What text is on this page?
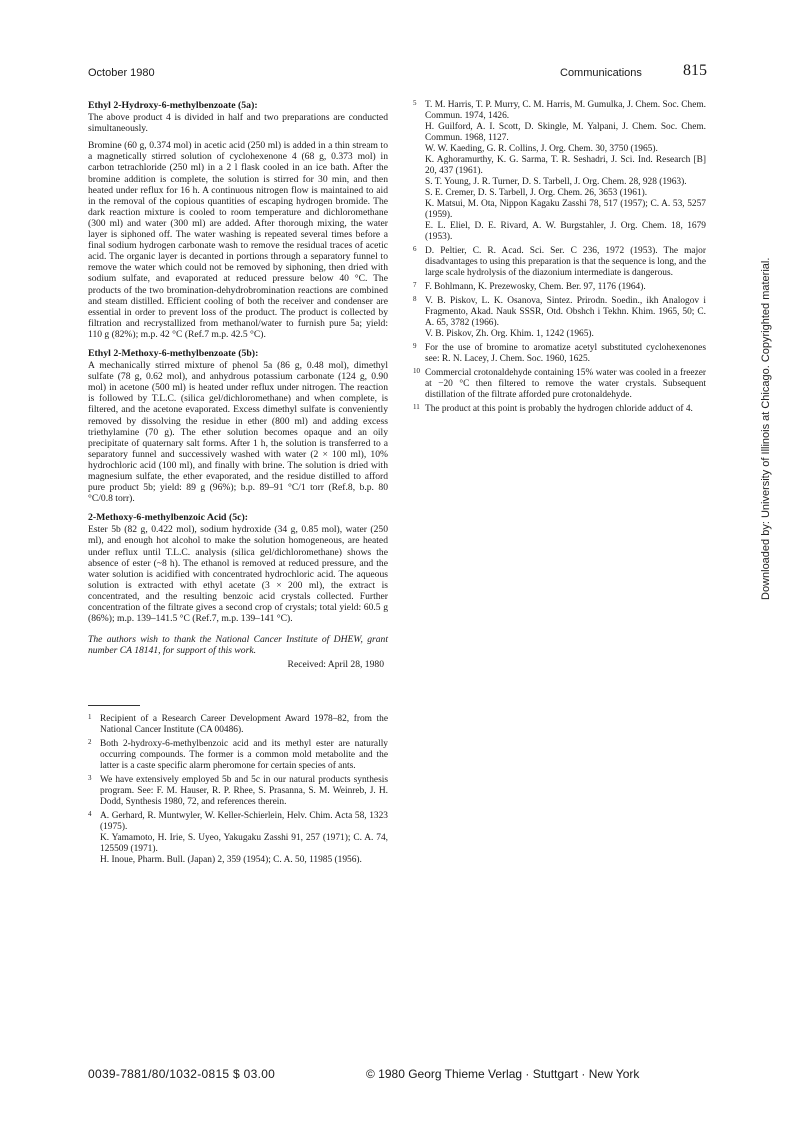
October 1980	Communications	815
Ethyl 2-Hydroxy-6-methylbenzoate (5a):

The above product 4 is divided in half and two preparations are conducted simultaneously.

Bromine (60 g, 0.374 mol) in acetic acid (250 ml) is added in a thin stream to a magnetically stirred solution of cyclohexenone 4 (68 g, 0.373 mol) in carbon tetrachloride (250 ml) in a 2 l flask cooled in an ice bath. After the bromine addition is complete, the solution is stirred for 30 min, and then heated under reflux for 16 h. A continuous nitrogen flow is maintained to aid in the removal of the copious quantities of escaping hydrogen bromide. The dark reaction mixture is cooled to room temperature and dichloromethane (300 ml) and water (300 ml) are added. After thorough mixing, the water layer is siphoned off. The water washing is repeated several times before a final sodium hydrogen carbonate wash to remove the residual traces of acetic acid. The organic layer is decanted in portions through a separatory funnel to remove the water which could not be removed by siphoning, then dried with sodium sulfate, and evaporated at reduced pressure below 40 °C. The products of the two bromination-dehydrobromination reactions are combined and steam distilled. Efficient cooling of both the receiver and condenser are essential in order to prevent loss of the product. The product is collected by filtration and recrystallized from methanol/water to furnish pure 5a; yield: 110 g (82%); m.p. 42 °C (Ref.7 m.p. 42.5 °C).

Ethyl 2-Methoxy-6-methylbenzoate (5b):

A mechanically stirred mixture of phenol 5a (86 g, 0.48 mol), dimethyl sulfate (78 g, 0.62 mol), and anhydrous potassium carbonate (124 g, 0.90 mol) in acetone (500 ml) is heated under reflux under nitrogen. The reaction is followed by T.L.C. (silica gel/dichloromethane) and when complete, is filtered, and the acetone evaporated. Excess dimethyl sulfate is conveniently removed by dissolving the residue in ether (800 ml) and adding excess triethylamine (70 g). The ether solution becomes opaque and an oily precipitate of quaternary salt forms. After 1 h, the solution is transferred to a separatory funnel and successively washed with water (2 × 100 ml), 10% hydrochloric acid (100 ml), and finally with brine. The solution is dried with magnesium sulfate, the ether evaporated, and the residue distilled to afford pure product 5b; yield: 89 g (96%); b.p. 89–91 °C/1 torr (Ref.8, b.p. 80 °C/0.8 torr).

2-Methoxy-6-methylbenzoic Acid (5c):

Ester 5b (82 g, 0.422 mol), sodium hydroxide (34 g, 0.85 mol), water (250 ml), and enough hot alcohol to make the solution homogeneous, are heated under reflux until T.L.C. analysis (silica gel/dichloromethane) shows the absence of ester (~8 h). The ethanol is removed at reduced pressure, and the water solution is acidified with concentrated hydrochloric acid. The aqueous solution is extracted with ethyl acetate (3 × 200 ml), the extract is concentrated, and the resulting benzoic acid crystals collected. Further concentration of the filtrate gives a second crop of crystals; total yield: 60.5 g (86%); m.p. 139–141.5 °C (Ref.7, m.p. 139–141 °C).

The authors wish to thank the National Cancer Institute of DHEW, grant number CA 18141, for support of this work.
Received: April 28, 1980
1 Recipient of a Research Career Development Award 1978–82, from the National Cancer Institute (CA 00486).
2 Both 2-hydroxy-6-methylbenzoic acid and its methyl ester are naturally occurring compounds. The former is a common mold metabolite and the latter is a caste specific alarm pheromone for certain species of ants.
3 We have extensively employed 5b and 5c in our natural products synthesis program. See: F. M. Hauser, R. P. Rhee, S. Prasanna, S. M. Weinreb, J. H. Dodd, Synthesis 1980, 72, and references therein.
4 A. Gerhard, R. Muntwyler, W. Keller-Schierlein, Helv. Chim. Acta 58, 1323 (1975).
K. Yamamoto, H. Irie, S. Uyeo, Yakugaku Zasshi 91, 257 (1971); C. A. 74, 125509 (1971).
H. Inoue, Pharm. Bull. (Japan) 2, 359 (1954); C. A. 50, 11985 (1956).
5 T. M. Harris, T. P. Murry, C. M. Harris, M. Gumulka, J. Chem. Soc. Chem. Commun. 1974, 1426.
H. Guilford, A. I. Scott, D. Skingle, M. Yalpani, J. Chem. Soc. Chem. Commun. 1968, 1127.
W. W. Kaeding, G. R. Collins, J. Org. Chem. 30, 3750 (1965).
K. Aghoramurthy, K. G. Sarma, T. R. Seshadri, J. Sci. Ind. Research [B] 20, 437 (1961).
S. T. Young, J. R. Turner, D. S. Tarbell, J. Org. Chem. 28, 928 (1963).
S. E. Cremer, D. S. Tarbell, J. Org. Chem. 26, 3653 (1961).
K. Matsui, M. Ota, Nippon Kagaku Zasshi 78, 517 (1957); C. A. 53, 5257 (1959).
E. L. Eliel, D. E. Rivard, A. W. Burgstahler, J. Org. Chem. 18, 1679 (1953).
6 D. Peltier, C. R. Acad. Sci. Ser. C 236, 1972 (1953). The major disadvantages to using this preparation is that the sequence is long, and the large scale hydrolysis of the diazonium intermediate is dangerous.
7 F. Bohlmann, K. Prezewosky, Chem. Ber. 97, 1176 (1964).
8 V. B. Piskov, L. K. Osanova, Sintez. Prirodn. Soedin., ikh Analogov i Fragmento, Akad. Nauk SSSR, Otd. Obshch i Tekhn. Khim. 1965, 50; C. A. 65, 3782 (1966).
V. B. Piskov, Zh. Org. Khim. 1, 1242 (1965).
9 For the use of bromine to aromatize acetyl substituted cyclohexenones see: R. N. Lacey, J. Chem. Soc. 1960, 1625.
10 Commercial crotonaldehyde containing 15% water was cooled in a freezer at −20 °C then filtered to remove the water crystals. Subsequent distillation of the filtrate afforded pure crotonaldehyde.
11 The product at this point is probably the hydrogen chloride adduct of 4.
0039-7881/80/1032-0815 $ 03.00	© 1980 Georg Thieme Verlag · Stuttgart · New York
Downloaded by: University of Illinois at Chicago. Copyrighted material.
